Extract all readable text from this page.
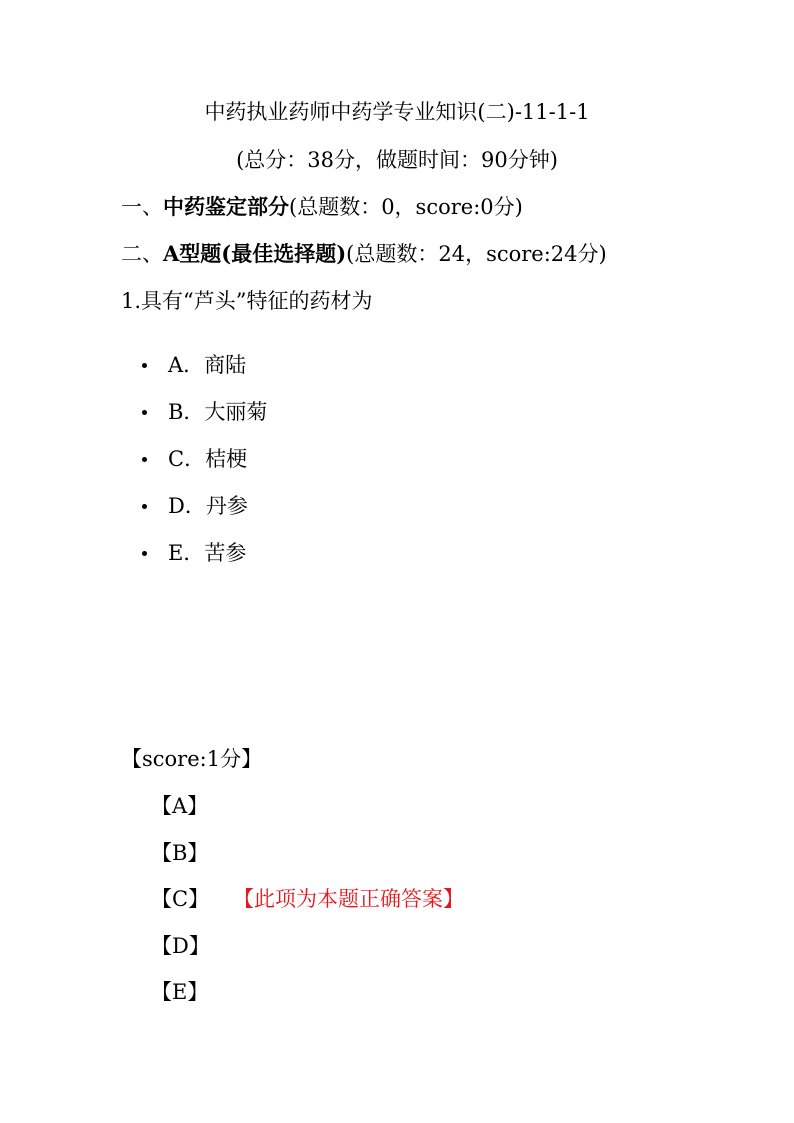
中药执业药师中药学专业知识(二)-11-1-1
(总分：38分，做题时间：90分钟)
一、中药鉴定部分(总题数：0，score:0分)
二、A型题(最佳选择题)(总题数：24，score:24分)
1.具有“芦头”特征的药材为
A．商陆
B．大丽菊
C．桔梗
D．丹参
E．苦参
【score:1分】
【A】
【B】
【C】 【此项为本题正确答案】
【D】
【E】
